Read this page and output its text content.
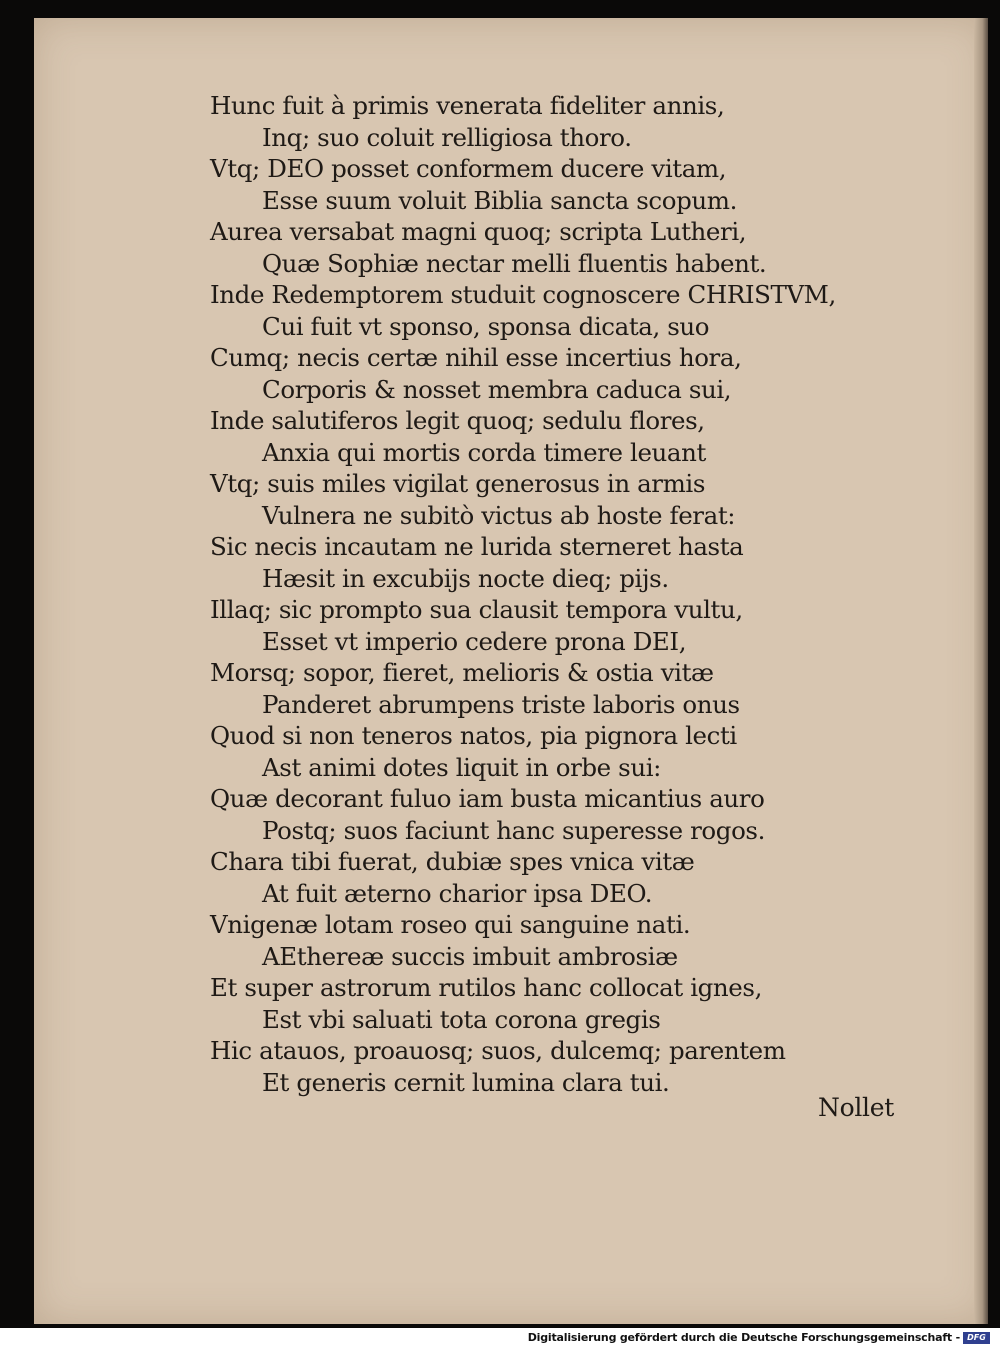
Hunc fuit à primis venerata fideliter annis,
Inq; suo coluit relligiosa thoro.
Vtq; DEO posset conformem ducere vitam,
Esse suum voluit Biblia sancta scopum.
Aurea versabat magni quoq; scripta Lutheri,
Quæ Sophiæ nectar melli fluentis habent.
Inde Redemptorem studuit cognoscere CHRISTVM,
Cui fuit vt sponso, sponsa dicata, suo
Cumq; necis certæ nihil esse incertius hora,
Corporis & nosset membra caduca sui,
Inde salutiferos legit quoq; sedulu flores,
Anxia qui mortis corda timere leuant
Vtq; suis miles vigilat generosus in armis
Vulnera ne subitò victus ab hoste ferat:
Sic necis incautam ne lurida sterneret hasta
Hæsit in excubijs nocte dieq; pijs.
Illaq; sic prompto sua clausit tempora vultu,
Esset vt imperio cedere prona DEI,
Morsq; sopor, fieret, melioris & ostia vitæ
Panderet abrumpens triste laboris onus
Quod si non teneros natos, pia pignora lecti
Ast animi dotes liquit in orbe sui:
Quæ decorant fuluo iam busta micantius auro
Postq; suos faciunt hanc superesse rogos.
Chara tibi fuerat, dubiæ spes vnica vitæ
At fuit æterno charior ipsa DEO.
Vnigenæ lotam roseo qui sanguine nati.
AEthereæ succis imbuit ambrosiæ
Et super astrorum rutilos hanc collocat ignes,
Est vbi saluati tota corona gregis
Hic atauos, proauosq; suos, dulcemq; parentem
Et generis cernit lumina clara tui.
Nollet
Digitalisierung gefördert durch die Deutsche Forschungsgemeinschaft - DFG
